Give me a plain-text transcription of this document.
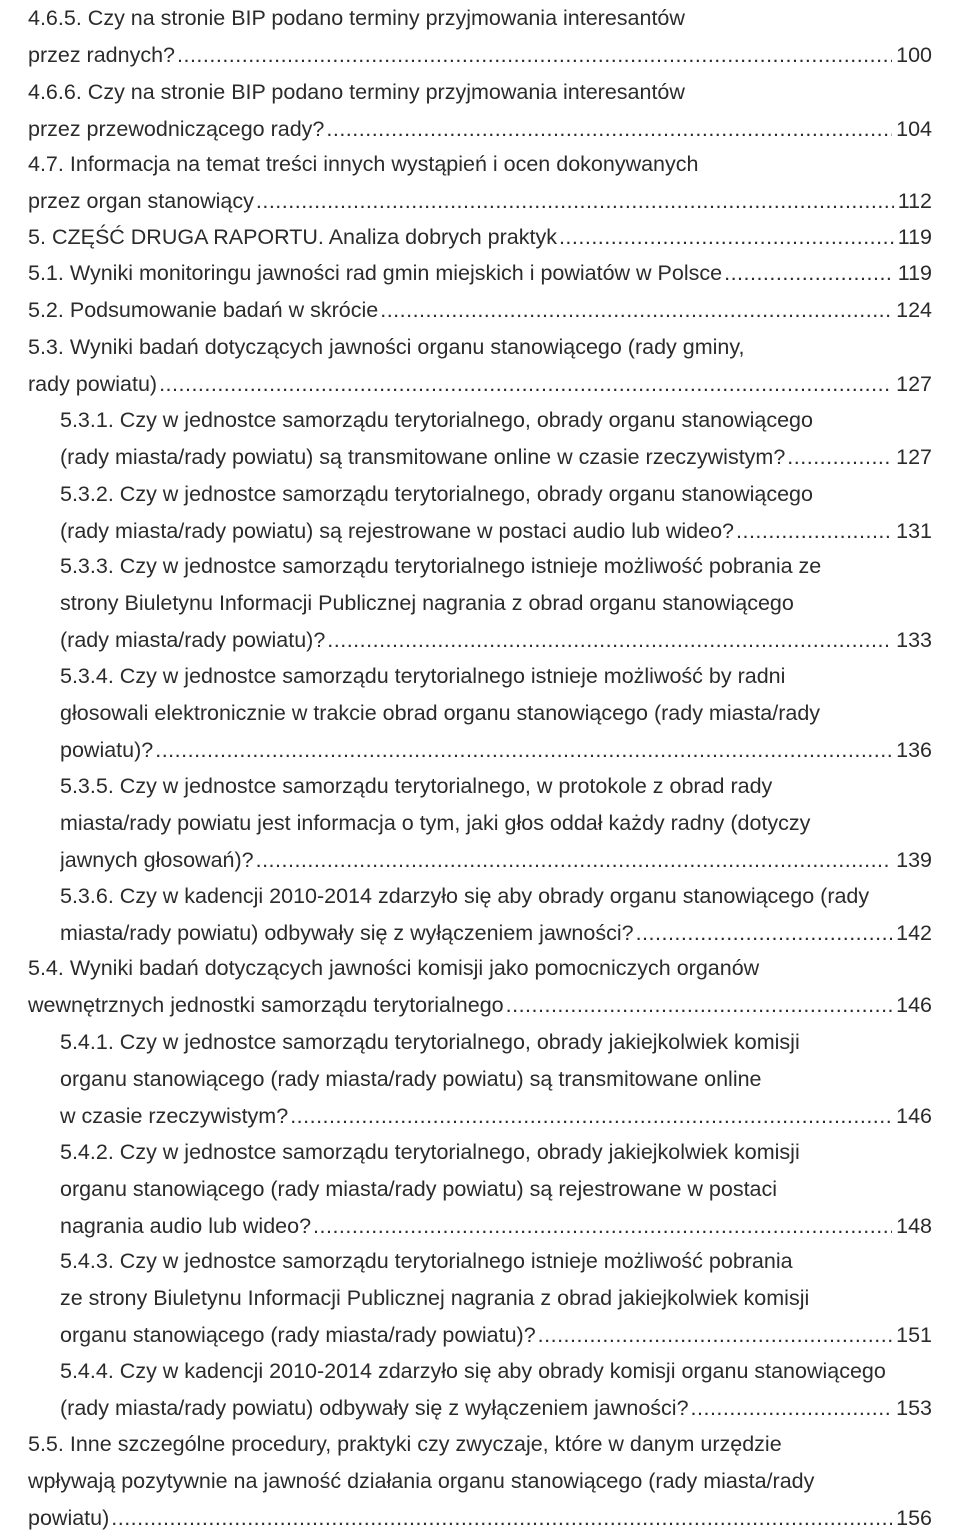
4.6.5. Czy na stronie BIP podano terminy przyjmowania interesantów
przez radnych? .....	100
4.6.6. Czy na stronie BIP podano terminy przyjmowania interesantów
przez przewodniczącego rady? .....	104
4.7. Informacja na temat treści innych wystąpień i ocen dokonywanych
przez organ stanowiący .....	112
5. CZĘŚĆ DRUGA RAPORTU. Analiza dobrych praktyk .....	119
5.1. Wyniki monitoringu jawności rad gmin miejskich i powiatów w Polsce .....	119
5.2. Podsumowanie badań w skrócie .....	124
5.3. Wyniki badań dotyczących jawności organu stanowiącego (rady gminy,
rady powiatu) .....	127
5.3.1. Czy w jednostce samorządu terytorialnego, obrady organu stanowiącego
(rady miasta/rady powiatu) są transmitowane online w czasie rzeczywistym? .....	127
5.3.2. Czy w jednostce samorządu terytorialnego, obrady organu stanowiącego
(rady miasta/rady powiatu) są rejestrowane w postaci audio lub wideo? .....	131
5.3.3. Czy w jednostce samorządu terytorialnego istnieje możliwość pobrania ze
strony Biuletynu Informacji Publicznej nagrania z obrad organu stanowiącego
(rady miasta/rady powiatu)? .....	133
5.3.4. Czy w jednostce samorządu terytorialnego istnieje możliwość by radni
głosowali elektronicznie w trakcie obrad organu stanowiącego (rady miasta/rady
powiatu)? .....	136
5.3.5. Czy w jednostce samorządu terytorialnego, w protokole z obrad rady
miasta/rady powiatu jest informacja o tym, jaki głos oddał każdy radny (dotyczy
jawnych głosowań)? .....	139
5.3.6. Czy w kadencji 2010-2014 zdarzyło się aby obrady organu stanowiącego (rady
miasta/rady powiatu) odbywały się z wyłączeniem jawności? .....	142
5.4. Wyniki badań dotyczących jawności komisji jako pomocniczych organów
wewnętrznych jednostki samorządu terytorialnego .....	146
5.4.1. Czy w jednostce samorządu terytorialnego, obrady jakiejkolwiek komisji
organu stanowiącego (rady miasta/rady powiatu) są transmitowane online
w czasie rzeczywistym? .....	146
5.4.2. Czy w jednostce samorządu terytorialnego, obrady jakiejkolwiek komisji
organu stanowiącego (rady miasta/rady powiatu) są rejestrowane w postaci
nagrania audio lub wideo? .....	148
5.4.3. Czy w jednostce samorządu terytorialnego istnieje możliwość pobrania
ze strony Biuletynu Informacji Publicznej nagrania z obrad jakiejkolwiek komisji
organu stanowiącego (rady miasta/rady powiatu)? .....	151
5.4.4. Czy w kadencji 2010-2014 zdarzyło się aby obrady komisji organu stanowiącego
(rady miasta/rady powiatu) odbywały się z wyłączeniem jawności? .....	153
5.5. Inne szczególne procedury, praktyki czy zwyczaje, które w danym urzędzie
wpływają pozytywnie na jawność działania organu stanowiącego (rady miasta/rady
powiatu) .....	156
